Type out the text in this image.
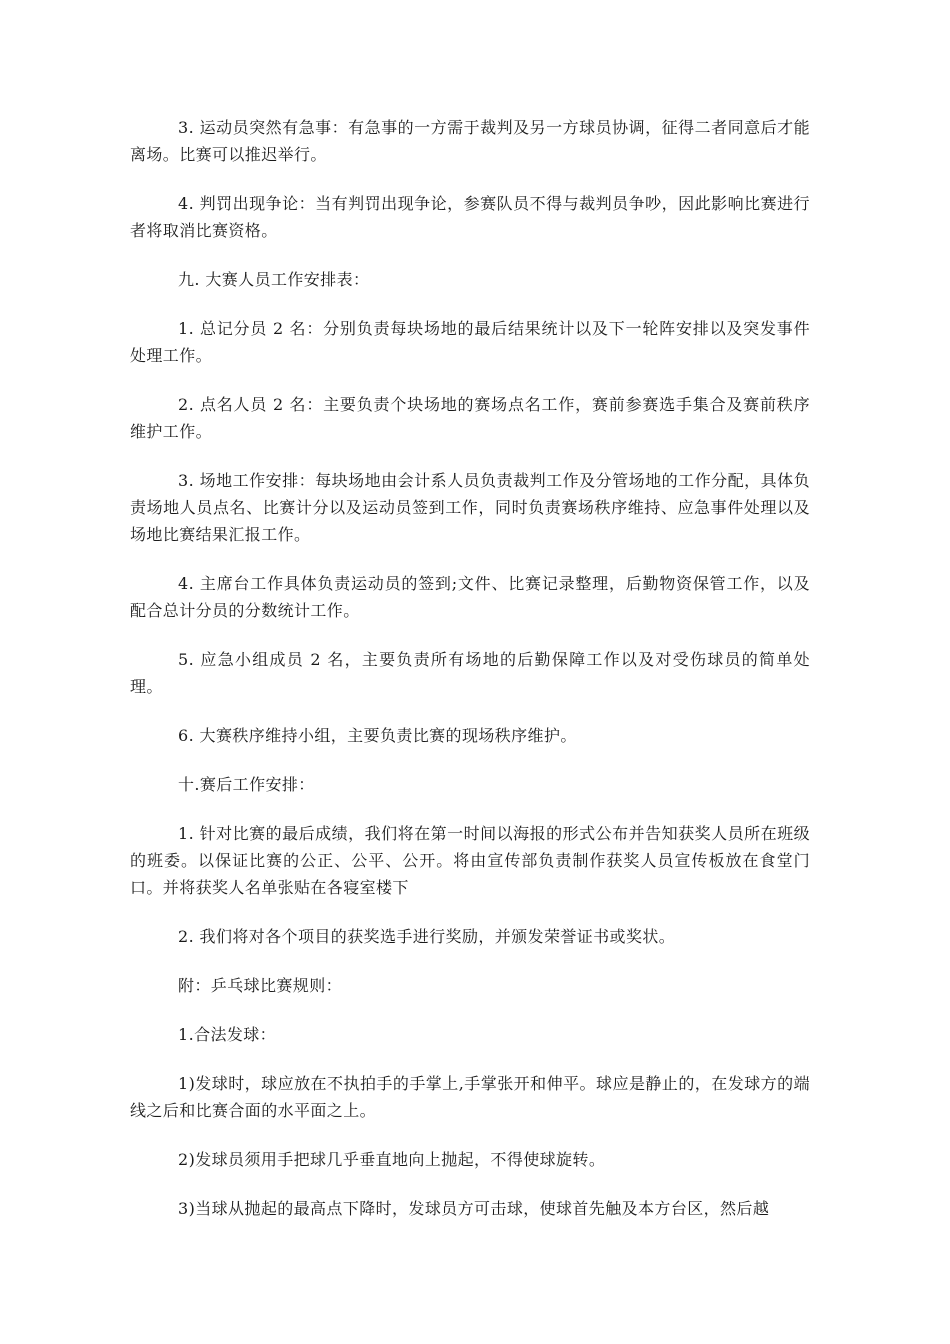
3. 运动员突然有急事：有急事的一方需于裁判及另一方球员协调，征得二者同意后才能离场。比赛可以推迟举行。

4. 判罚出现争论：当有判罚出现争论，参赛队员不得与裁判员争吵，因此影响比赛进行者将取消比赛资格。

九. 大赛人员工作安排表：

1. 总记分员 2 名：分别负责每块场地的最后结果统计以及下一轮阵安排以及突发事件处理工作。

2. 点名人员 2 名：主要负责个块场地的赛场点名工作，赛前参赛选手集合及赛前秩序维护工作。

3. 场地工作安排：每块场地由会计系人员负责裁判工作及分管场地的工作分配，具体负责场地人员点名、比赛计分以及运动员签到工作，同时负责赛场秩序维持、应急事件处理以及场地比赛结果汇报工作。

4. 主席台工作具体负责运动员的签到;文件、比赛记录整理，后勤物资保管工作，以及配合总计分员的分数统计工作。

5. 应急小组成员 2 名，主要负责所有场地的后勤保障工作以及对受伤球员的简单处理。

6. 大赛秩序维持小组，主要负责比赛的现场秩序维护。

十.赛后工作安排：

1. 针对比赛的最后成绩，我们将在第一时间以海报的形式公布并告知获奖人员所在班级的班委。以保证比赛的公正、公平、公开。将由宣传部负责制作获奖人员宣传板放在食堂门口。并将获奖人名单张贴在各寝室楼下

2. 我们将对各个项目的获奖选手进行奖励，并颁发荣誉证书或奖状。

附：乒乓球比赛规则：

1.合法发球：

1)发球时，球应放在不执拍手的手掌上,手掌张开和伸平。球应是静止的，在发球方的端线之后和比赛合面的水平面之上。

2)发球员须用手把球几乎垂直地向上抛起，不得使球旋转。

3)当球从抛起的最高点下降时，发球员方可击球，使球首先触及本方台区，然后越
